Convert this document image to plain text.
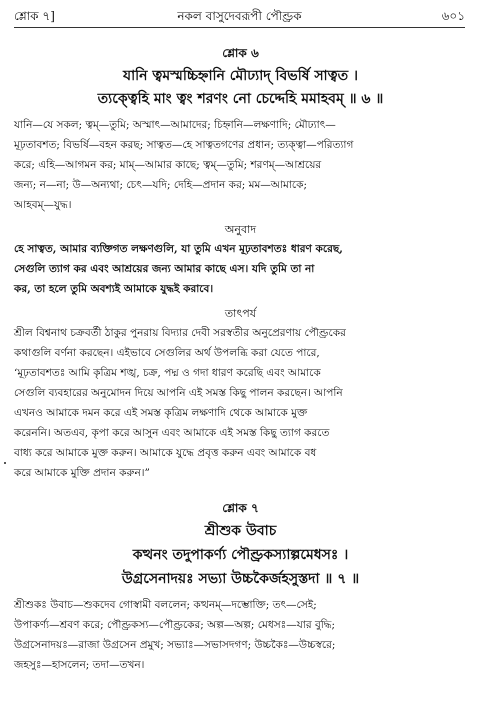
শ্লোক ৭]	নকল বাসুদেবরূপী পৌণ্ড্রক	৬০১
শ্লোক ৬
যানি ত্বমস্মচ্চিহ্নানি মৌঢ্যাদ্ বিভর্ষি সাত্বত ।
ত্যক্ত্বেহি মাং ত্বং শরণং নো চেদ্দেহি মমাহবম্ ॥ ৬ ॥
যানি—যে সকল; ত্বম্—তুমি; অস্মাৎ—আমাদের; চিহ্নানি—লক্ষণাদি; মৌঢ্যাৎ—
মূঢ়তাবশত; বিভর্ষি—বহন করছ; সাত্বত—হে সাত্বতগণের প্রধান; ত্যক্ত্বা—পরিত্যাগ
করে; এহি—আগমন কর; মাম্—আমার কাছে; ত্বম্—তুমি; শরণম্—আশ্রয়ের
জন্য; ন—না; উ—অন্যথা; চেৎ—যদি; দেহি—প্রদান কর; মম—আমাকে;
আহবম্—যুদ্ধ।
অনুবাদ
হে সাত্বত, আমার ব্যক্তিগত লক্ষণগুলি, যা তুমি এখন মূঢ়তাবশতঃ ধারণ করেছ,
সেগুলি ত্যাগ কর এবং আশ্রয়ের জন্য আমার কাছে এস। যদি তুমি তা না
কর, তা হলে তুমি অবশ্যই আমাকে যুদ্ধই করাবে।
তাৎপর্য
শ্রীল বিশ্বনাথ চক্রবর্তী ঠাকুর পুনরায় বিদ্যার দেবী সরস্বতীর অনুপ্রেরণায় পৌণ্ড্রকের
কথাগুলি বর্ণনা করছেন। এইভাবে সেগুলির অর্থ উপলব্ধি করা যেতে পারে,
‘মূঢ়তাবশতঃ আমি কৃত্রিম শঙ্খ, চক্র, পদ্ম ও গদা ধারণ করেছি এবং আমাকে
সেগুলি ব্যবহারের অনুমোদন দিয়ে আপনি এই সমস্ত কিছু পালন করছেন। আপনি
এখনও আমাকে দমন করে এই সমস্ত কৃত্রিম লক্ষণাদি থেকে আমাকে মুক্ত
করেননি। অতএব, কৃপা করে আসুন এবং আমাকে এই সমস্ত কিছু ত্যাগ করতে
বাধ্য করে আমাকে মুক্ত করুন। আমাকে যুদ্ধে প্রবৃত্ত করুন এবং আমাকে বধ
করে আমাকে মুক্তি প্রদান করুন।”
শ্লোক ৭
শ্রীশুক উবাচ
কত্থনং তদুপাকর্ণ্য পৌণ্ড্রকস্যাল্পমেধসঃ ।
উগ্রসেনাদয়ঃ সভ্যা উচ্চকৈর্জহসুস্তদা ॥ ৭ ॥
শ্রীশুকঃ উবাচ—শুকদেব গোস্বামী বললেন; কত্থনম্—দম্ভোক্তি; তৎ—সেই;
উপাকর্ণ্য—শ্রবণ করে; পৌণ্ড্রকস্য—পৌণ্ড্রকের; অল্প—অল্প; মেধসঃ—যার বুদ্ধি;
উগ্রসেনাদয়ঃ—রাজা উগ্রসেন প্রমুখ; সভ্যাঃ—সভাসদগণ; উচ্চকৈঃ—উচ্চস্বরে;
জহসুঃ—হাসলেন; তদা—তখন।
